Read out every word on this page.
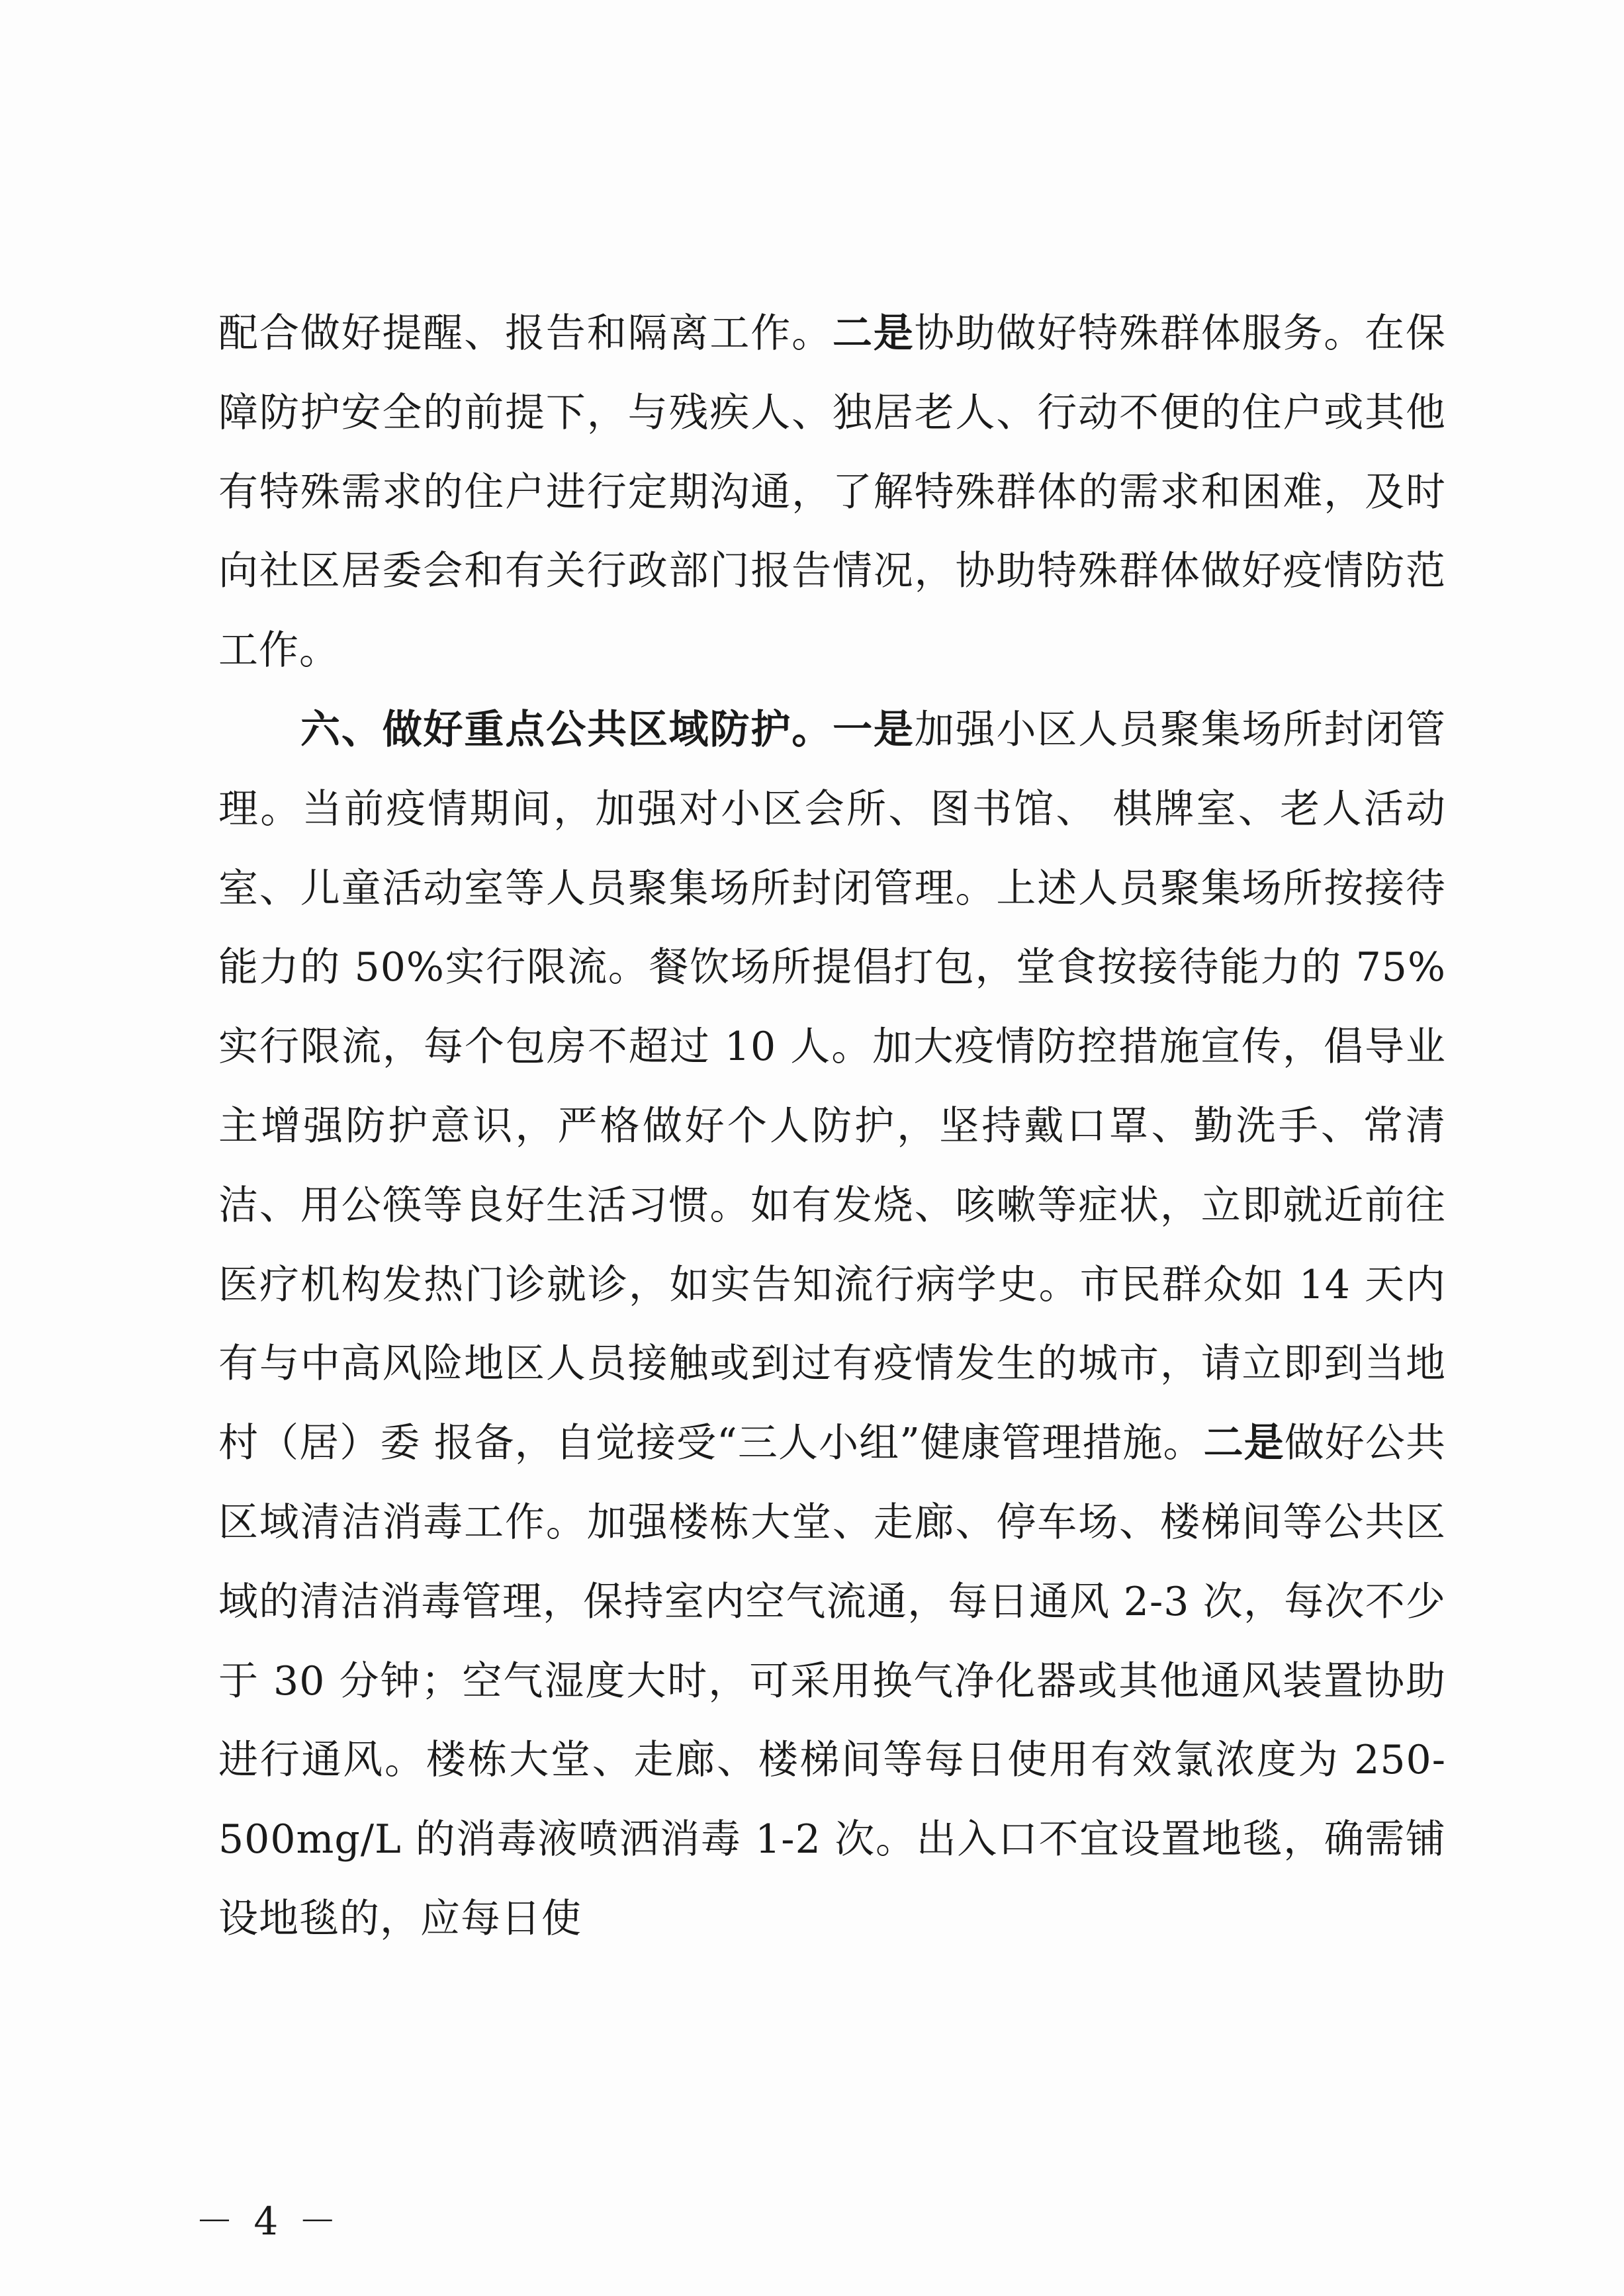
配合做好提醒、报告和隔离工作。二是协助做好特殊群体服务。在保障防护安全的前提下，与残疾人、独居老人、行动不便的住户或其他有特殊需求的住户进行定期沟通，了解特殊群体的需求和困难，及时向社区居委会和有关行政部门报告情况，协助特殊群体做好疫情防范工作。

六、做好重点公共区域防护。一是加强小区人员聚集场所封闭管理。当前疫情期间，加强对小区会所、图书馆、 棋牌室、老人活动室、儿童活动室等人员聚集场所封闭管理。上述人员聚集场所按接待能力的 50%实行限流。餐饮场所提倡打包，堂食按接待能力的 75%实行限流，每个包房不超过 10 人。加大疫情防控措施宣传，倡导业主增强防护意识，严格做好个人防护，坚持戴口罩、勤洗手、常清洁、用公筷等良好生活习惯。如有发烧、咳嗽等症状，立即就近前往医疗机构发热门诊就诊，如实告知流行病学史。市民群众如 14 天内有与中高风险地区人员接触或到过有疫情发生的城市，请立即到当地村（居）委 报备，自觉接受“三人小组”健康管理措施。二是做好公共区域清洁消毒工作。加强楼栋大堂、走廊、停车场、楼梯间等公共区域的清洁消毒管理，保持室内空气流通，每日通风 2-3 次，每次不少于 30 分钟；空气湿度大时，可采用换气净化器或其他通风装置协助进行通风。楼栋大堂、走廊、楼梯间等每日使用有效氯浓度为 250-500mg/L 的消毒液喷洒消毒 1-2 次。出入口不宜设置地毯，确需铺设地毯的，应每日使

－ 4 －
